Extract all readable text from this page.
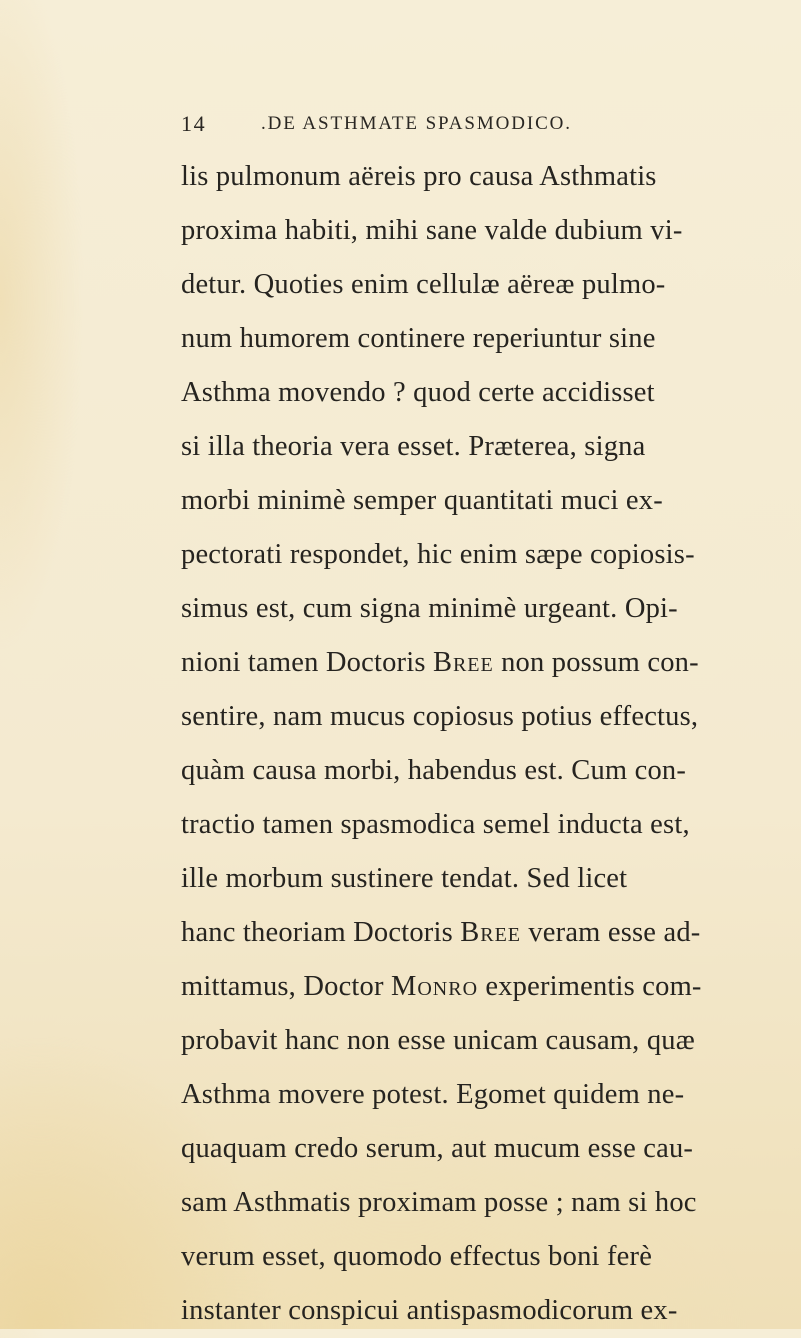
14	.DE ASTHMATE SPASMODICO.
lis pulmonum aëreis pro causa Asthmatis
proxima habiti, mihi sane valde dubium vi-
detur. Quoties enim cellulæ aëreæ pulmo-
num humorem continere reperiuntur sine
Asthma movendo ? quod certe accidisset
si illa theoria vera esset. Præterea, signa
morbi minimè semper quantitati muci ex-
pectorati respondet, hic enim sæpe copiosis-
simus est, cum signa minimè urgeant. Opi-
nioni tamen Doctoris Bree non possum con-
sentire, nam mucus copiosus potius effectus,
quàm causa morbi, habendus est. Cum con-
tractio tamen spasmodica semel inducta est,
ille morbum sustinere tendat. Sed licet
hanc theoriam Doctoris Bree veram esse ad-
mittamus, Doctor Monro experimentis com-
probavit hanc non esse unicam causam, quæ
Asthma movere potest. Egomet quidem ne-
quaquam credo serum, aut mucum esse cau-
sam Asthmatis proximam posse ; nam si hoc
verum esset, quomodo effectus boni ferè
instanter conspicui antispasmodicorum ex-
